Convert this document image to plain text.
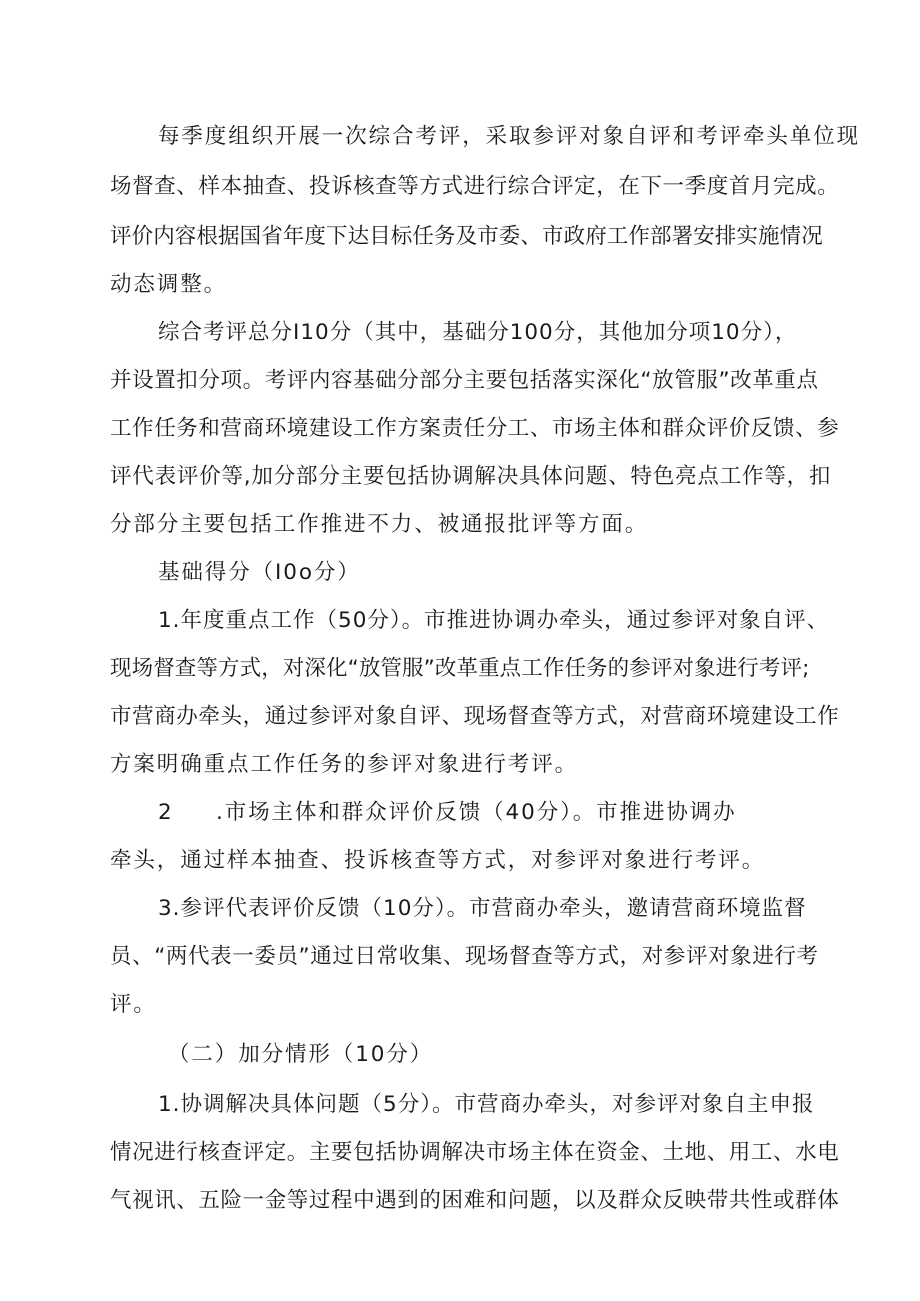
每季度组织开展一次综合考评，采取参评对象自评和考评牵头单位现
场督查、样本抽查、投诉核查等方式进行综合评定，在下一季度首月完成。
评价内容根据国省年度下达目标任务及市委、市政府工作部署安排实施情况
动态调整。
综合考评总分I10分（其中，基础分100分，其他加分项10分），
并设置扣分项。考评内容基础分部分主要包括落实深化“放管服”改革重点
工作任务和营商环境建设工作方案责任分工、市场主体和群众评价反馈、参
评代表评价等,加分部分主要包括协调解决具体问题、特色亮点工作等，扣
分部分主要包括工作推进不力、被通报批评等方面。
基础得分（I0o分）
1.年度重点工作（50分）。市推进协调办牵头，通过参评对象自评、
现场督查等方式，对深化“放管服”改革重点工作任务的参评对象进行考评;
市营商办牵头，通过参评对象自评、现场督查等方式，对营商环境建设工作
方案明确重点工作任务的参评对象进行考评。
2 .市场主体和群众评价反馈（40分）。市推进协调办
牵头，通过样本抽查、投诉核查等方式，对参评对象进行考评。
3.参评代表评价反馈（10分）。市营商办牵头，邀请营商环境监督
员、“两代表一委员”通过日常收集、现场督查等方式，对参评对象进行考
评。
（二）加分情形（10分）
1.协调解决具体问题（5分）。市营商办牵头，对参评对象自主申报
情况进行核查评定。主要包括协调解决市场主体在资金、土地、用工、水电
气视讯、五险一金等过程中遇到的困难和问题，以及群众反映带共性或群体
